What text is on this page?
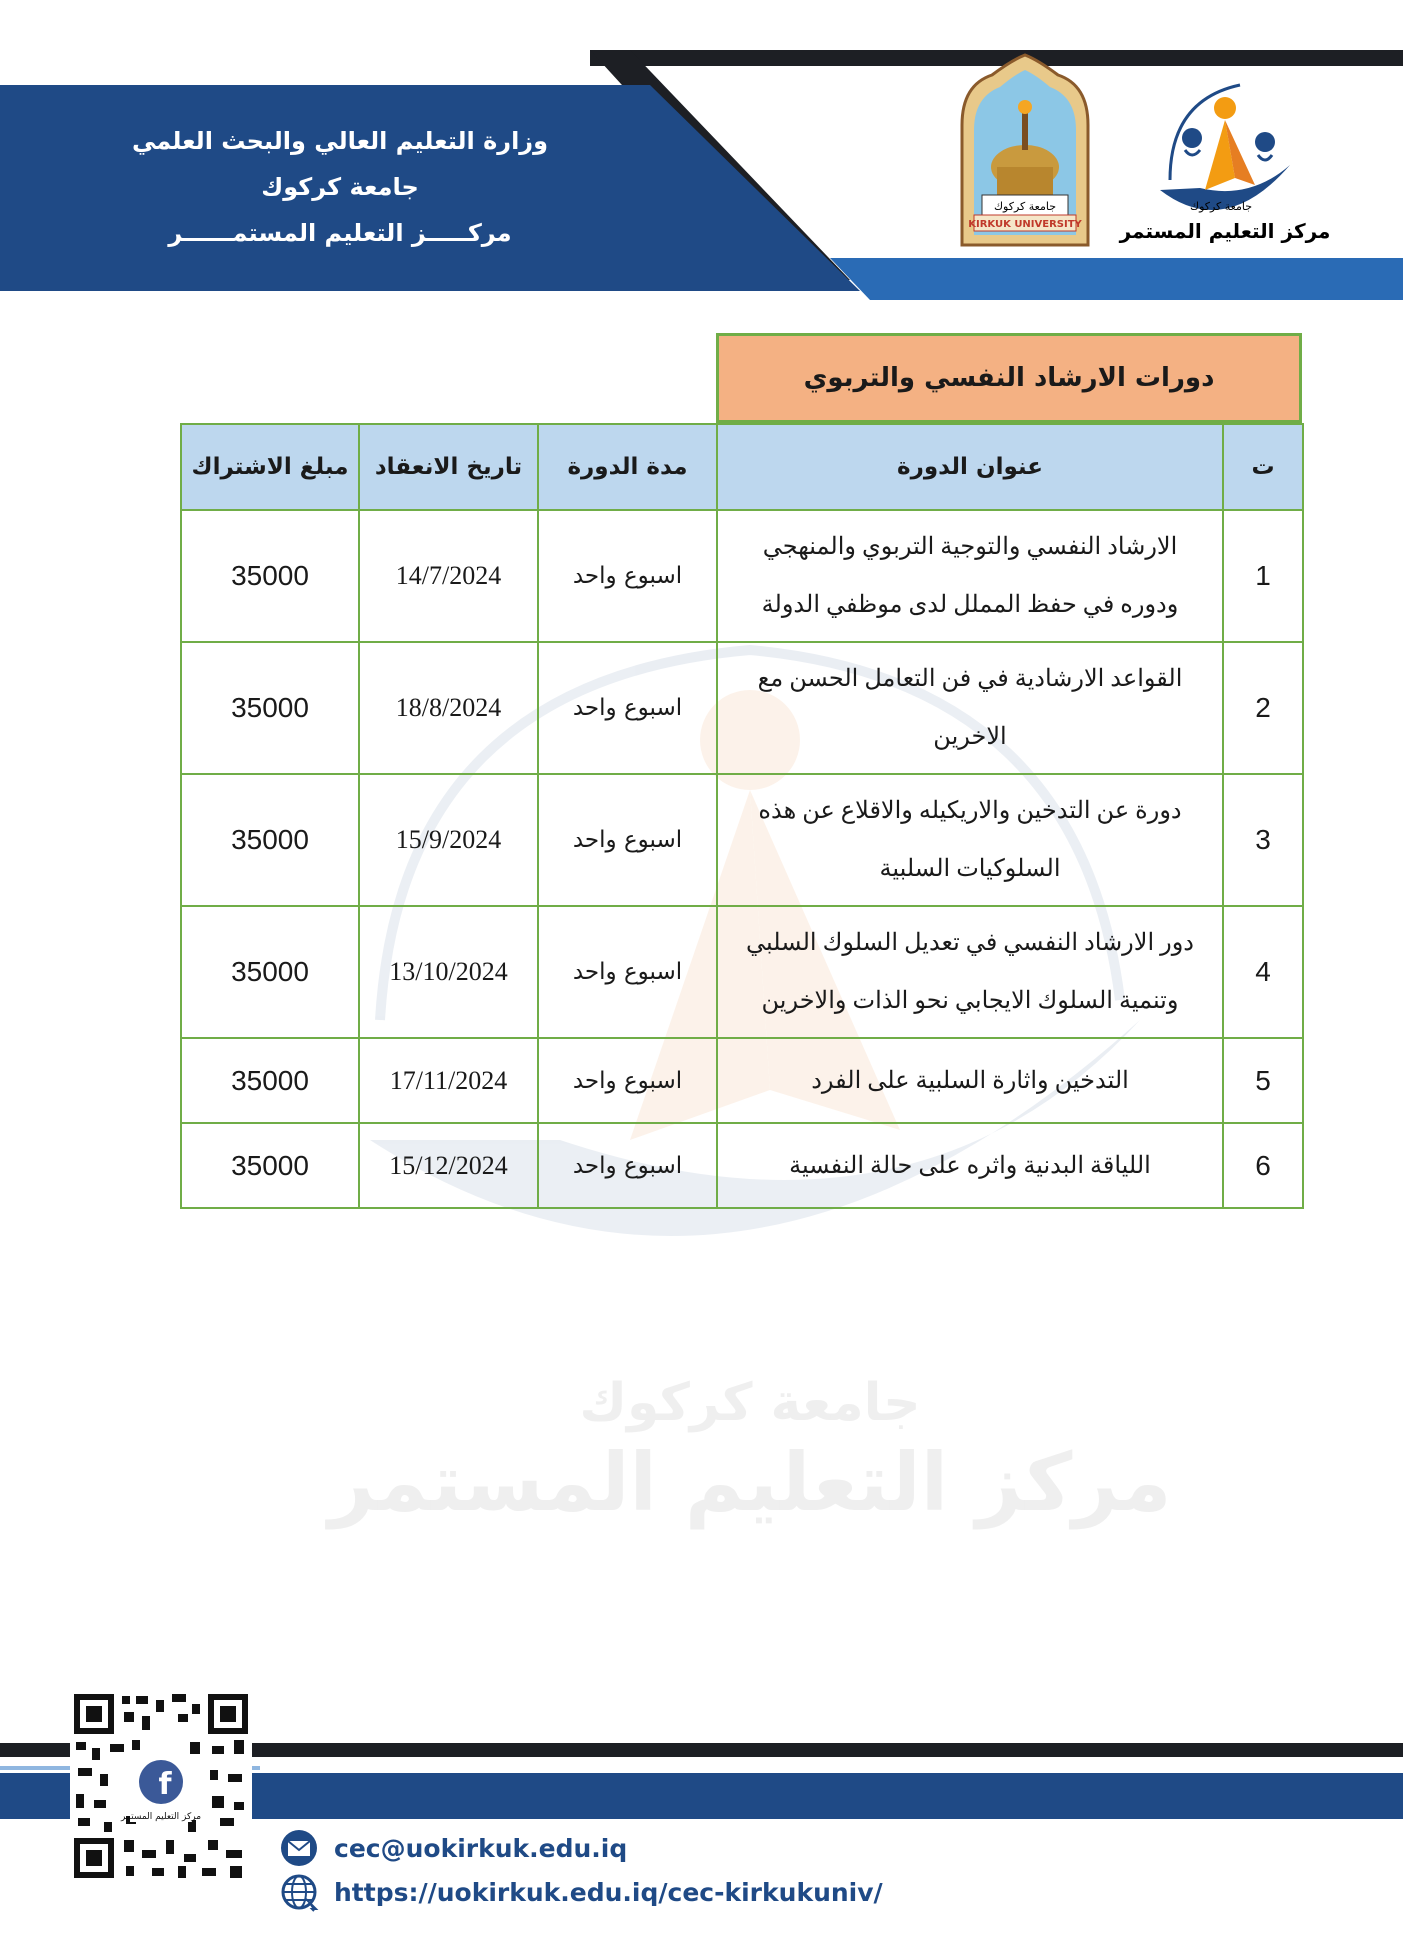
وزارة التعليم العالي والبحث العلمي
جامعة كركوك
مركـــــز التعليم المستمــــــر
جامعة كركوك
KIRKUK UNIVERSITY
جامعة كركوك
مركز التعليم المستمر
جامعة كركوك
مركز التعليم المستمر
دورات الارشاد النفسي والتربوي
ت	عنوان الدورة	مدة الدورة	تاريخ الانعقاد	مبلغ الاشتراك
1	الارشاد النفسي والتوجية التربوي والمنهجي ودوره في حفظ المملل لدى موظفي الدولة	اسبوع واحد	14/7/2024	35000
2	القواعد الارشادية في فن التعامل الحسن مع الاخرين	اسبوع واحد	18/8/2024	35000
3	دورة عن التدخين والاريكيله والاقلاع عن هذه السلوكيات السلبية	اسبوع واحد	15/9/2024	35000
4	دور الارشاد النفسي في تعديل السلوك السلبي وتنمية السلوك الايجابي نحو الذات والاخرين	اسبوع واحد	13/10/2024	35000
5	التدخين واثارة السلبية على الفرد	اسبوع واحد	17/11/2024	35000
6	اللياقة البدنية واثره على حالة النفسية	اسبوع واحد	15/12/2024	35000
f
مركز التعليم المستمر
cec@uokirkuk.edu.iq
https://uokirkuk.edu.iq/cec-kirkukuniv/
